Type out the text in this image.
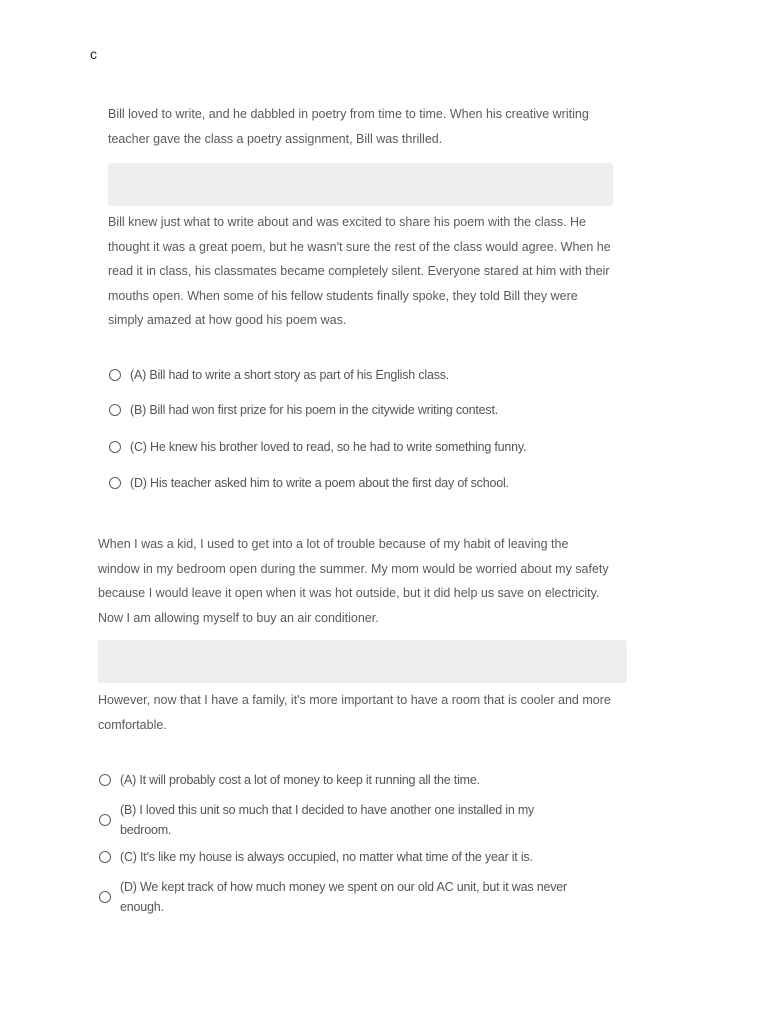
c

Bill loved to write, and he dabbled in poetry from time to time. When his creative writing teacher gave the class a poetry assignment, Bill was thrilled.

Bill knew just what to write about and was excited to share his poem with the class. He thought it was a great poem, but he wasn't sure the rest of the class would agree. When he read it in class, his classmates became completely silent. Everyone stared at him with their mouths open. When some of his fellow students finally spoke, they told Bill they were simply amazed at how good his poem was.

(A) Bill had to write a short story as part of his English class.
(B) Bill had won first prize for his poem in the citywide writing contest.
(C) He knew his brother loved to read, so he had to write something funny.
(D) His teacher asked him to write a poem about the first day of school.

When I was a kid, I used to get into a lot of trouble because of my habit of leaving the window in my bedroom open during the summer. My mom would be worried about my safety because I would leave it open when it was hot outside, but it did help us save on electricity. Now I am allowing myself to buy an air conditioner.

However, now that I have a family, it's more important to have a room that is cooler and more comfortable.

(A) It will probably cost a lot of money to keep it running all the time.
(B) I loved this unit so much that I decided to have another one installed in my bedroom.
(C) It's like my house is always occupied, no matter what time of the year it is.
(D) We kept track of how much money we spent on our old AC unit, but it was never enough.
